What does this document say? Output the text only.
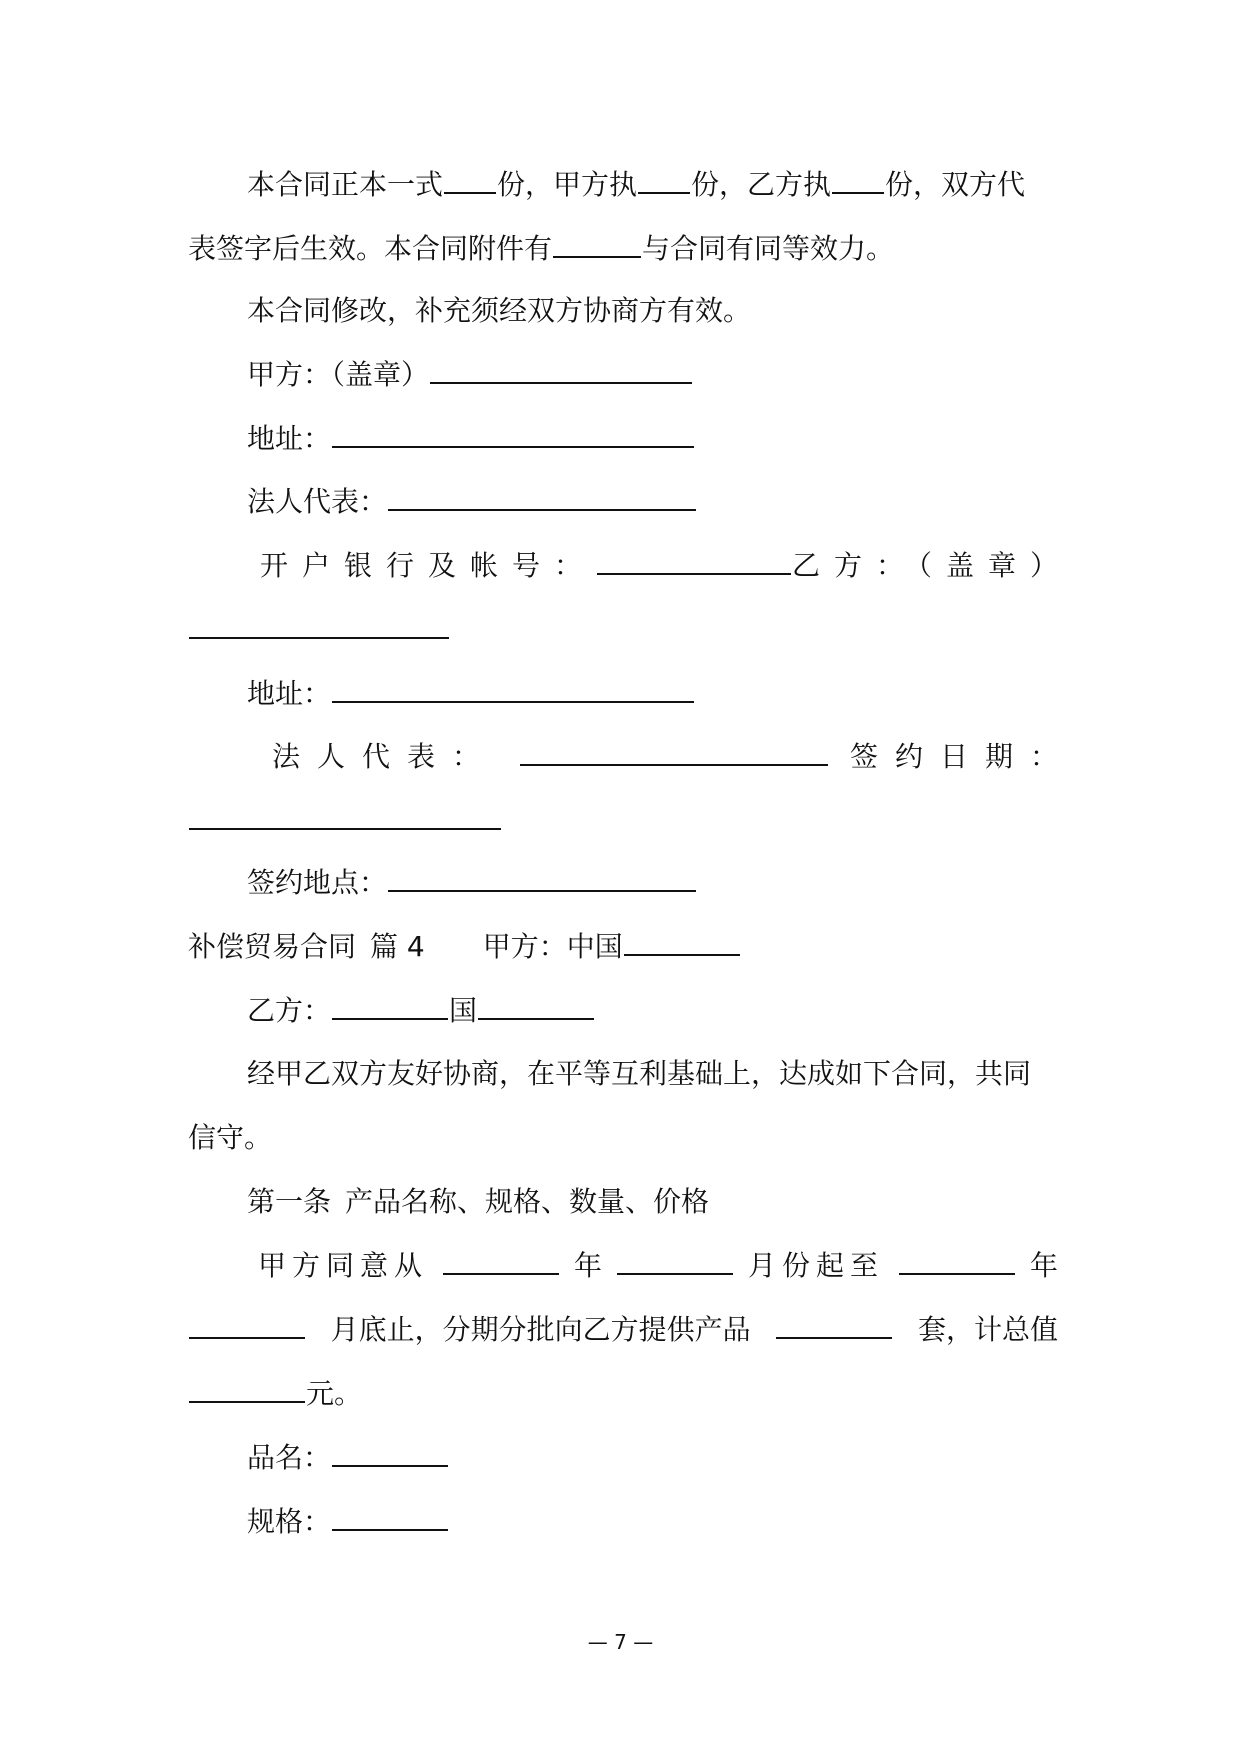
本合同正本一式 份，甲方执 份，乙方执 份，双方代
表签字后生效。本合同附件有	与合同有同等效力。
本合同修改，补充须经双方协商方有效。
甲方：（盖章）
地址：
法人代表：
开户银行及帐号：	乙方：（盖章）
地址：
法人代表：	签约日期：
签约地点：
补偿贸易合同 篇 4 甲方：中国
乙方：	国
经甲乙双方友好协商，在平等互利基础上，达成如下合同，共同
信守。
第一条 产品名称、规格、数量、价格
甲方同意从	年	月份起至	年
月底止，分期分批向乙方提供产品	套，计总值
元。
品名：
规格：
— 7 —
